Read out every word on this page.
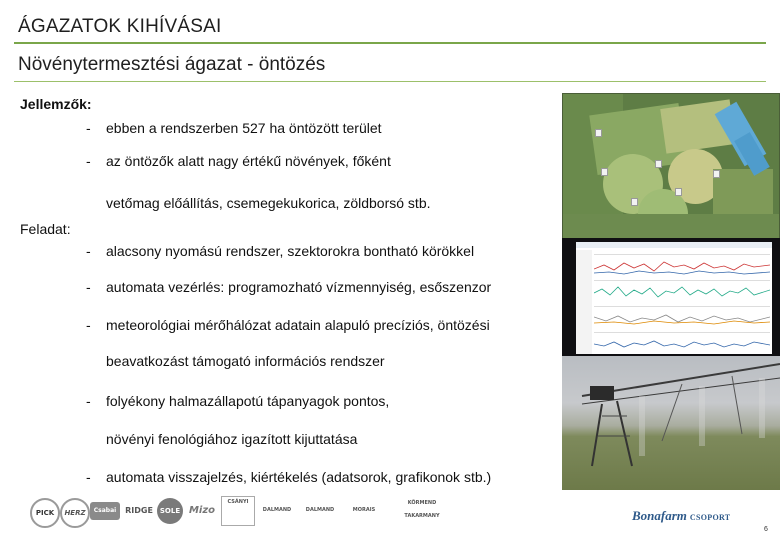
ÁGAZATOK KIHÍVÁSAI
Növénytermesztési ágazat - öntözés
Jellemzők:
- ebben a rendszerben 527 ha öntözött terület
- az öntözők alatt nagy értékű növények, főként
vetőmag előállítás, csemegekukorica, zöldborsó stb.
Feladat:
- alacsony nyomású rendszer, szektorokra bontható körökkel
- automata vezérlés: programozható vízmennyiség, esőszenzor
- meteorológiai mérőhálózat adatain alapuló precíziós, öntözési
beavatkozást támogató információs rendszer
- folyékony halmazállapotú tápanyagok pontos,
növényi fenológiához igazított kijuttatása
- automata visszajelzés, kiértékelés (adatsorok, grafikonok stb.)

PICK	HERZ	Csabai	RIDGE SOLE Mizo
CSÁNYI
DALMAND	DALMAND	MORAIS
KÖRMEND
TAKARMANY	Bonafarm CSOPORT
6
